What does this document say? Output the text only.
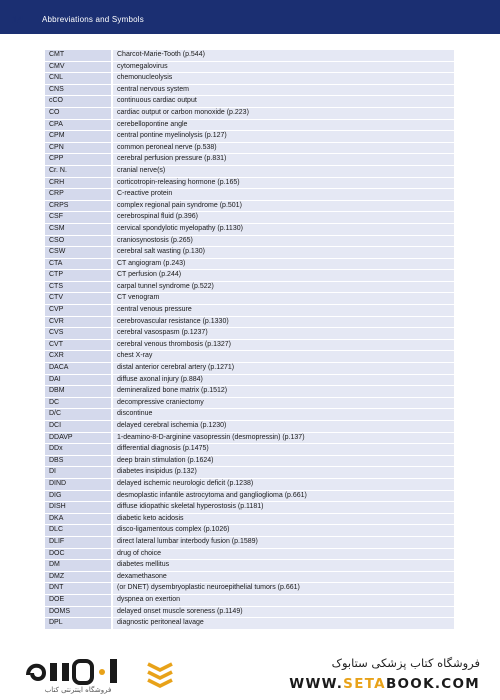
14 Abbreviations and Symbols
CMT	Charcot-Marie-Tooth (p.544)
CMV	cytomegalovirus
CNL	chemonucleolysis
CNS	central nervous system
cCO	continuous cardiac output
CO	cardiac output or carbon monoxide (p.223)
CPA	cerebellopontine angle
CPM	central pontine myelinolysis (p.127)
CPN	common peroneal nerve (p.538)
CPP	cerebral perfusion pressure (p.831)
Cr. N.	cranial nerve(s)
CRH	corticotropin-releasing hormone (p.165)
CRP	C-reactive protein
CRPS	complex regional pain syndrome (p.501)
CSF	cerebrospinal fluid (p.396)
CSM	cervical spondylotic myelopathy (p.1130)
CSO	craniosynostosis (p.265)
CSW	cerebral salt wasting (p.130)
CTA	CT angiogram (p.243)
CTP	CT perfusion (p.244)
CTS	carpal tunnel syndrome (p.522)
CTV	CT venogram
CVP	central venous pressure
CVR	cerebrovascular resistance (p.1330)
CVS	cerebral vasospasm (p.1237)
CVT	cerebral venous thrombosis (p.1327)
CXR	chest X-ray
DACA	distal anterior cerebral artery (p.1271)
DAI	diffuse axonal injury (p.884)
DBM	demineralized bone matrix (p.1512)
DC	decompressive craniectomy
D/C	discontinue
DCI	delayed cerebral ischemia (p.1230)
DDAVP	1-deamino-8-D-arginine vasopressin (desmopressin) (p.137)
DDx	differential diagnosis (p.1475)
DBS	deep brain stimulation (p.1624)
DI	diabetes insipidus (p.132)
DIND	delayed ischemic neurologic deficit (p.1238)
DIG	desmoplastic infantile astrocytoma and ganglioglioma (p.661)
DISH	diffuse idiopathic skeletal hyperostosis (p.1181)
DKA	diabetic keto acidosis
DLC	disco-ligamentous complex (p.1026)
DLIF	direct lateral lumbar interbody fusion (p.1589)
DOC	drug of choice
DM	diabetes mellitus
DMZ	dexamethasone
DNT	(or DNET) dysembryoplastic neuroepithelial tumors (p.661)
DOE	dyspnea on exertion
DOMS	delayed onset muscle soreness (p.1149)
DPL	diagnostic peritoneal lavage
فروشگاه اینترنتی کتاب
فروشگاه کتاب پزشکی ستابوک
WWW.SETABOOK.COM
